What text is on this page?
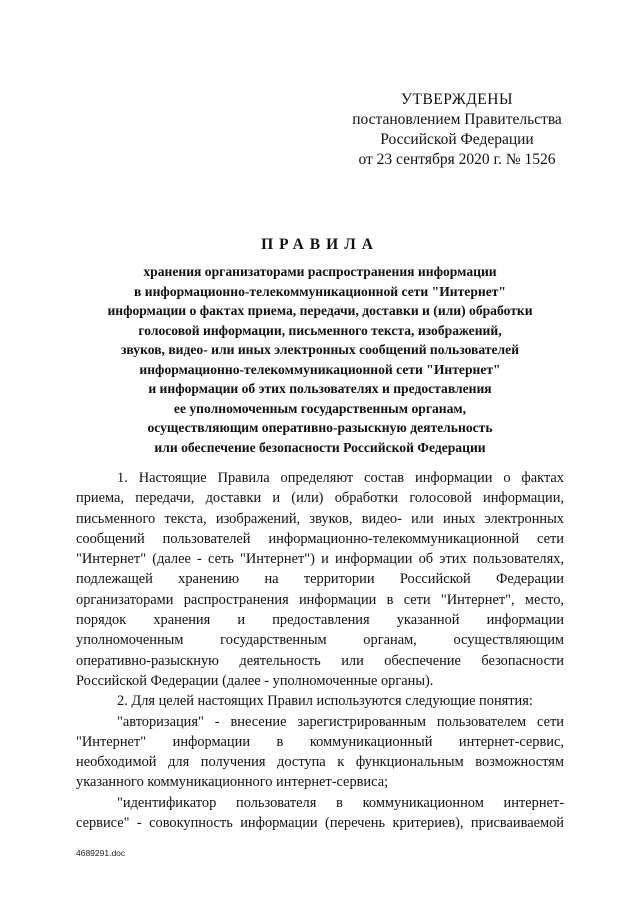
УТВЕРЖДЕНЫ
постановлением Правительства
Российской Федерации
от 23 сентября 2020 г. № 1526
ПРАВИЛА
хранения организаторами распространения информации
в информационно-телекоммуникационной сети "Интернет"
информации о фактах приема, передачи, доставки и (или) обработки
голосовой информации, письменного текста, изображений,
звуков, видео- или иных электронных сообщений пользователей
информационно-телекоммуникационной сети "Интернет"
и информации об этих пользователях и предоставления
ее уполномоченным государственным органам,
осуществляющим оперативно-разыскную деятельность
или обеспечение безопасности Российской Федерации
1. Настоящие Правила определяют состав информации о фактах
приема, передачи, доставки и (или) обработки голосовой информации,
письменного текста, изображений, звуков, видео- или иных электронных
сообщений пользователей информационно-телекоммуникационной сети
"Интернет" (далее - сеть "Интернет") и информации об этих пользователях,
подлежащей хранению на территории Российской Федерации
организаторами распространения информации в сети "Интернет", место,
порядок хранения и предоставления указанной информации
уполномоченным государственным органам, осуществляющим
оперативно-разыскную деятельность или обеспечение безопасности
Российской Федерации (далее - уполномоченные органы).
2. Для целей настоящих Правил используются следующие понятия:
"авторизация" - внесение зарегистрированным пользователем сети
"Интернет" информации в коммуникационный интернет-сервис,
необходимой для получения доступа к функциональным возможностям
указанного коммуникационного интернет-сервиса;
"идентификатор пользователя в коммуникационном интернет-
сервисе" - совокупность информации (перечень критериев), присваиваемой
4689291.doc
